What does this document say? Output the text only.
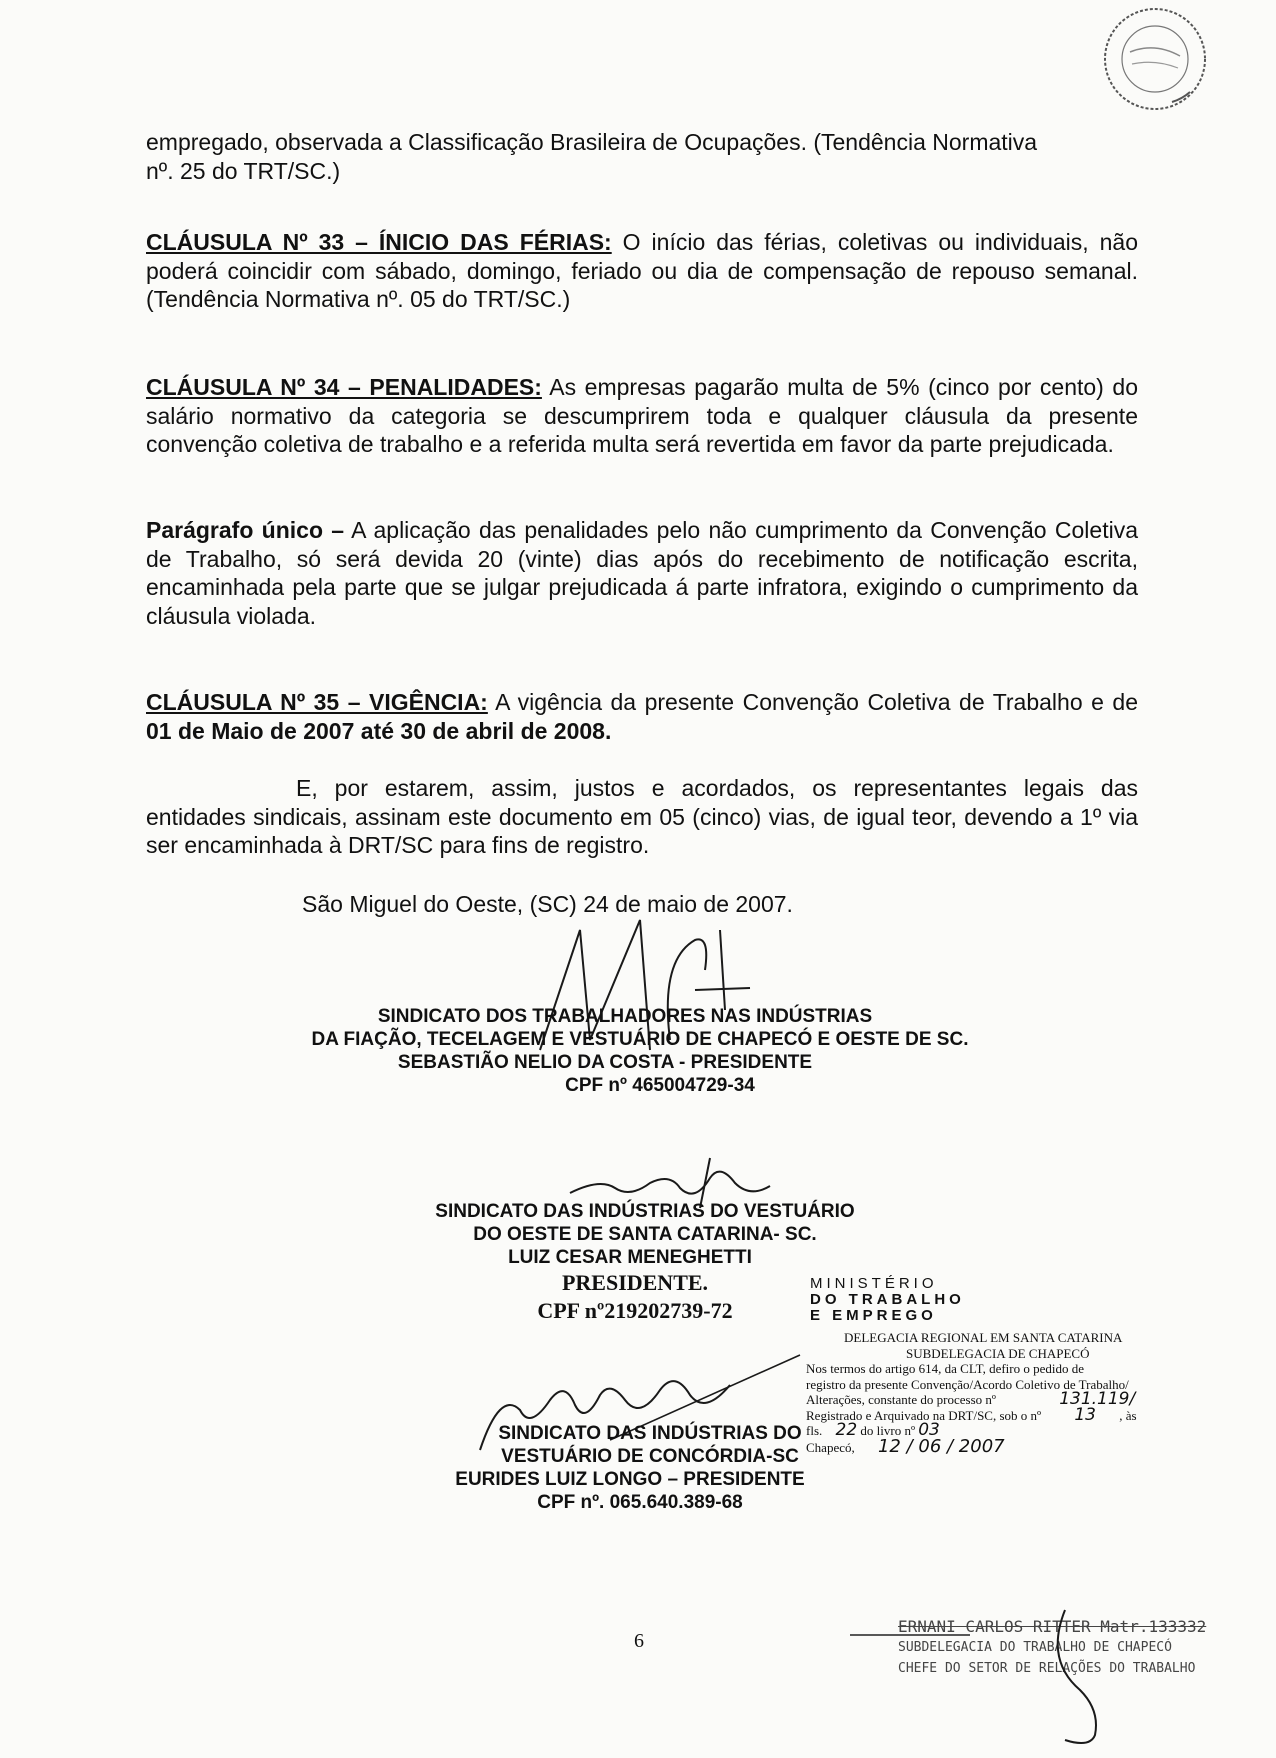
empregado, observada a Classificação Brasileira de Ocupações. (Tendência Normativa
nº. 25 do TRT/SC.)
CLÁUSULA Nº 33 – ÍNICIO DAS FÉRIAS: O início das férias, coletivas ou individuais, não poderá coincidir com sábado, domingo, feriado ou dia de compensação de repouso semanal. (Tendência Normativa nº. 05 do TRT/SC.)
CLÁUSULA Nº 34 – PENALIDADES: As empresas pagarão multa de 5% (cinco por cento) do salário normativo da categoria se descumprirem toda e qualquer cláusula da presente convenção coletiva de trabalho e a referida multa será revertida em favor da parte prejudicada.
Parágrafo único – A aplicação das penalidades pelo não cumprimento da Convenção Coletiva de Trabalho, só será devida 20 (vinte) dias após do recebimento de notificação escrita, encaminhada pela parte que se julgar prejudicada á parte infratora, exigindo o cumprimento da cláusula violada.
CLÁUSULA Nº 35 – VIGÊNCIA: A vigência da presente Convenção Coletiva de Trabalho e de 01 de Maio de 2007 até 30 de abril de 2008.
E, por estarem, assim, justos e acordados, os representantes legais das entidades sindicais, assinam este documento em 05 (cinco) vias, de igual teor, devendo a 1º via ser encaminhada à DRT/SC para fins de registro.
São Miguel do Oeste, (SC) 24 de maio de 2007.
SINDICATO DOS TRABALHADORES NAS INDÚSTRIAS
DA FIAÇÃO, TECELAGEM E VESTUÁRIO DE CHAPECÓ E OESTE DE SC.
SEBASTIÃO NELIO DA COSTA - PRESIDENTE
CPF nº 465004729-34
SINDICATO DAS INDÚSTRIAS DO VESTUÁRIO
DO OESTE DE SANTA CATARINA- SC.
LUIZ CESAR MENEGHETTI
PRESIDENTE.
CPF nº219202739-72
MINISTÉRIO
DO TRABALHO
E EMPREGO
DELEGACIA REGIONAL EM SANTA CATARINA
SUBDELEGACIA DE CHAPECÓ
Nos termos do artigo 614, da CLT, defiro o pedido de
registro da presente Convenção/Acordo Coletivo de Trabalho/
Alterações, constante do processo nº	131.119/
Registrado e Arquivado na DRT/SC, sob o nº 13 , às
fls. 22 do livro nº 03
Chapecó, 12 / 06 / 2007
SINDICATO DAS INDÚSTRIAS DO
VESTUÁRIO DE CONCÓRDIA-SC
EURIDES LUIZ LONGO – PRESIDENTE
CPF nº. 065.640.389-68
6
ERNANI CARLOS RITTER Matr.133332
SUBDELEGACIA DO TRABALHO DE CHAPECÓ
CHEFE DO SETOR DE RELAÇÕES DO TRABALHO
